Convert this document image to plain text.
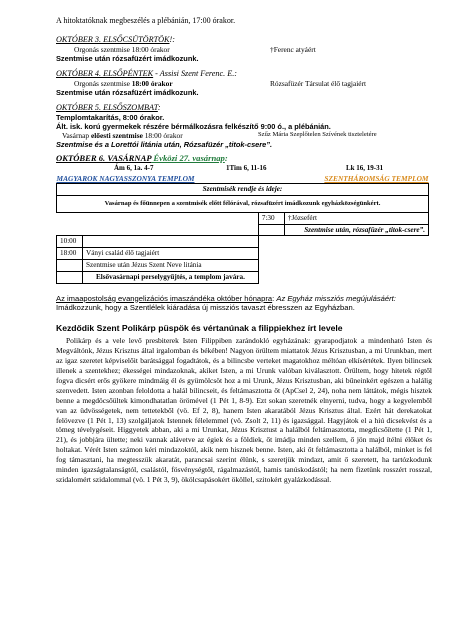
A hitoktatóknak megbeszélés a plébánián, 17:00 órakor.
OKTÓBER 3. ELSŐCSÜTÖRTÖK!:
Orgonás szentmise 18:00 órakor	†Ferenc atyáért
Szentmise után rózsafüzért imádkozunk.
OKTÓBER 4. ELSŐPÉNTEK - Assisi Szent Ferenc. E.:
Orgonás szentmise 18:00 órakor	Rózsafüzér Társulat élő tagjaiért
Szentmise után rózsafüzért imádkozunk.
OKTÓBER 5. ELSŐSZOMBAT:
Templomtakarítás, 8:00 órakor.
Ált. isk. korú gyermekek részére bérmálkozásra felkészítő 9:00 ó., a plébánián.
Vasárnap előesti szentmise 18:00 órakor	Szűz Mária Szeplőtelen Szívének tiszteletére
Szentmise és a Lorettói litánia után, Rózsafüzér „titok-csere”.
OKTÓBER 6. VASÁRNAP Évközi 27. vasárnap:
Ám 6, 1a. 4-7	1Tim 6, 11-16	Lk 16, 19-31
MAGYAROK NAGYASSZONYA TEMPLOM		SZENTHÁROMSÁG TEMPLOM	
Szentmisék rendje és ideje:			
Vasárnap és főünnepen a szentmisék előtt félórával, rózsafüzért imádkozunk egyházközségünkért.			
		7:30	†Józsefért
			Szentmise után, rózsafüzér „titok-csere”.
10:00			
18:00	Ványi család élő tagjaiért		
	Szentmise után Jézus Szent Neve litánia		
	Elsővasárnapi perselygyűjtés, a templom javára.		
Az imaapostolság evangelizációs imaszándéka október hónapra: Az Egyház missziós megújulásáért: Imádkozzunk, hogy a Szentlélek kiáradása új missziós tavaszt ébresszen az Egyházban.
Kezdődik Szent Polikárp püspök és vértanúnak a filippiekhez írt levele
Polikárp és a vele levő presbiterek Isten Filippiben zarándokló egyházának: gyarapodjatok a mindenható Isten és Megváltónk, Jézus Krisztus által irgalomban és békében! Nagyon örültem miattatok Jézus Krisztusban, a mi Urunkban, mert az igaz szeretet képviselőit barátsággal fogadtátok, és a bilincsbe verteket magatokhoz méltóan elkísértétek. Ilyen bilincsek illenek a szentekhez; ékességei mindazoknak, akiket Isten, a mi Urunk valóban kiválasztott. Örültem, hogy hitetek régtől fogva dicsért erős gyökere mindmáig él és gyümölcsöt hoz a mi Urunk, Jézus Krisztusban, aki bűneinkért egészen a halálig szenvedett. Isten azonban feloldotta a halál bilincseit, és feltámasztotta őt (ApCsel 2, 24), noha nem láttátok, mégis hisztek benne a megdöcsőültek kimondhatatlan örömével (1 Pét 1, 8-9). Ezt sokan szeretnék elnyerni, tudva, hogy a kegyelemből van az üdvösségetek, nem tettetekből (vö. Ef 2, 8), hanem Isten akaratából Jézus Krisztus által. Ezért hát derekatokat felövezve (1 Pét 1, 13) szolgáljatok Istennek félelemmel (vö. Zsolt 2, 11) és igazsággal. Hagyjátok el a hiú dicsekvést és a tömeg tévelygéseit. Higgyetek abban, aki a mi Urunkat, Jézus Krisztust a halálból feltámasztotta, megdicsőítette (1 Pét 1, 21), és jobbjára ültette; neki vannak alávetve az égiek és a földiek, őt imádja minden szellem, ő jön majd ítélni élőket és holtakat. Vérét Isten számon kéri mindazoktól, akik nem hisznek benne. Isten, aki őt feltámasztotta a halálból, minket is fel fog támasztani, ha megtesszük akaratát, parancsai szerint élünk, s szeretjük mindazt, amit ő szeretett, ha tartózkodunk minden igazságtalanságtól, csalástól, fösvénységtől, rágalmazástól, hamis tanúskodástól; ha nem fizetünk rosszért rosszal, szidalomért szidalommal (vö. 1 Pét 3, 9), ökölcsapásokért ököllel, szitokért gyalázkodással.
